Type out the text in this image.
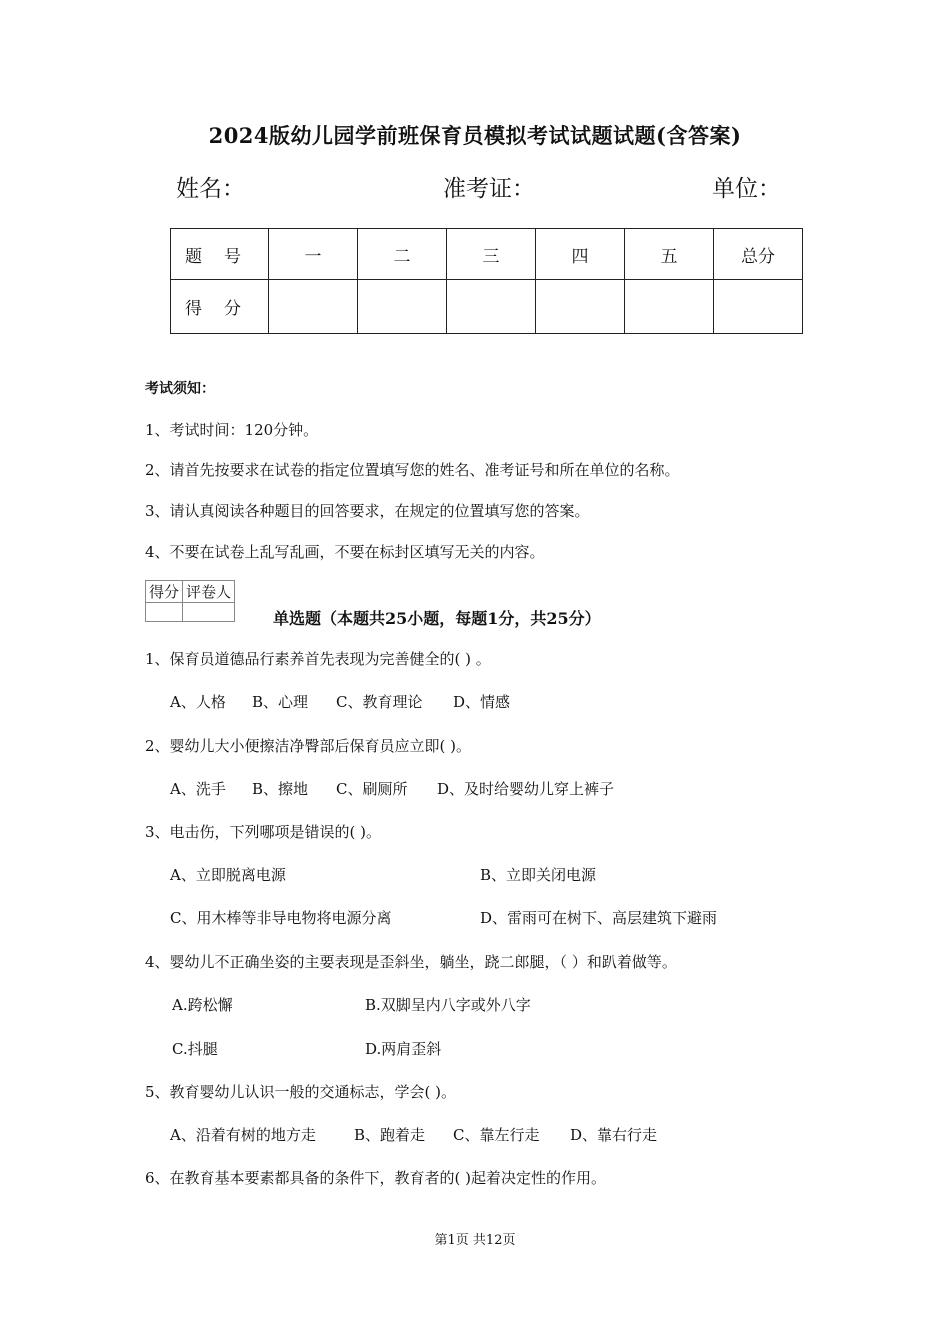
2024版幼儿园学前班保育员模拟考试试题试题(含答案)
姓名：	准考证：	单位：
题号	一	二	三	四	五	总分
得分						
考试须知：
1、考试时间：120分钟。
2、请首先按要求在试卷的指定位置填写您的姓名、准考证号和所在单位的名称。
3、请认真阅读各种题目的回答要求，在规定的位置填写您的答案。
4、不要在试卷上乱写乱画，不要在标封区填写无关的内容。
得分	评卷人

单选题（本题共25小题，每题1分，共25分）
1、保育员道德品行素养首先表现为完善健全的( ) 。
A、人格 B、心理 C、教育理论 D、情感
2、婴幼儿大小便擦洁净臀部后保育员应立即( )。
A、洗手 B、擦地 C、刷厕所 D、及时给婴幼儿穿上裤子
3、电击伤，下列哪项是错误的( )。
A、立即脱离电源	B、立即关闭电源
C、用木棒等非导电物将电源分离	D、雷雨可在树下、高层建筑下避雨
4、婴幼儿不正确坐姿的主要表现是歪斜坐，躺坐，跷二郎腿，（ ）和趴着做等。
A.跨松懈	B.双脚呈内八字或外八字
C.抖腿	D.两肩歪斜
5、教育婴幼儿认识一般的交通标志，学会( )。
A、沿着有树的地方走	B、跑着走 C、靠左行走 D、靠右行走
6、在教育基本要素都具备的条件下，教育者的( )起着决定性的作用。
第1页 共12页
